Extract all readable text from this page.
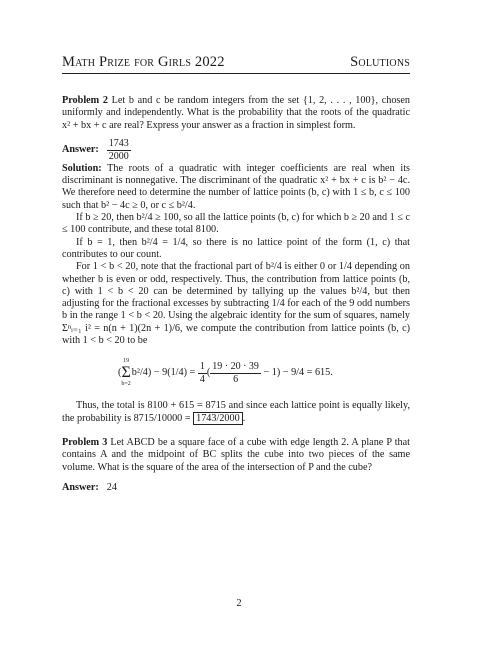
Math Prize for Girls 2022	Solutions

Problem 2 Let b and c be random integers from the set {1, 2, . . . , 100}, chosen uniformly and independently. What is the probability that the roots of the quadratic x² + bx + c are real? Express your answer as a fraction in simplest form.

Answer: $\frac{1743}{2000}$

Solution: The roots of a quadratic with integer coefficients are real when its discriminant is nonnegative. The discriminant of the quadratic x² + bx + c is b² − 4c. We therefore need to determine the number of lattice points (b, c) with 1 ≤ b, c ≤ 100 such that b² − 4c ≥ 0, or c ≤ b²/4.

If b ≥ 20, then b²/4 ≥ 100, so all the lattice points (b, c) for which b ≥ 20 and 1 ≤ c ≤ 100 contribute, and these total 8100.

If b = 1, then b²/4 = 1/4, so there is no lattice point of the form (1, c) that contributes to our count.

For 1 < b < 20, note that the fractional part of b²/4 is either 0 or 1/4 depending on whether b is even or odd, respectively. Thus, the contribution from lattice points (b, c) with 1 < b < 20 can be determined by tallying up the values b²/4, but then adjusting for the fractional excesses by subtracting 1/4 for each of the 9 odd numbers b in the range 1 < b < 20. Using the algebraic identity for the sum of squares, namely Σⁿᵢ₌₁ i² = n(n + 1)(2n + 1)/6, we compute the contribution from lattice points (b, c) with 1 < b < 20 to be

(
19
Σ
b=2
b²/4) − 9(1/4) =
$\frac{1}{4}$ ( $\frac{19 \cdot 20 \cdot 39}{6}$
− 1) − 9/4 = 615.

Thus, the total is 8100 + 615 = 8715 and since each lattice point is equally likely, the probability is 8715/10000 = 1743/2000 .

Problem 3 Let ABCD be a square face of a cube with edge length 2. A plane P that contains A and the midpoint of BC splits the cube into two pieces of the same volume. What is the square of the area of the intersection of P and the cube?

Answer: 24
2
